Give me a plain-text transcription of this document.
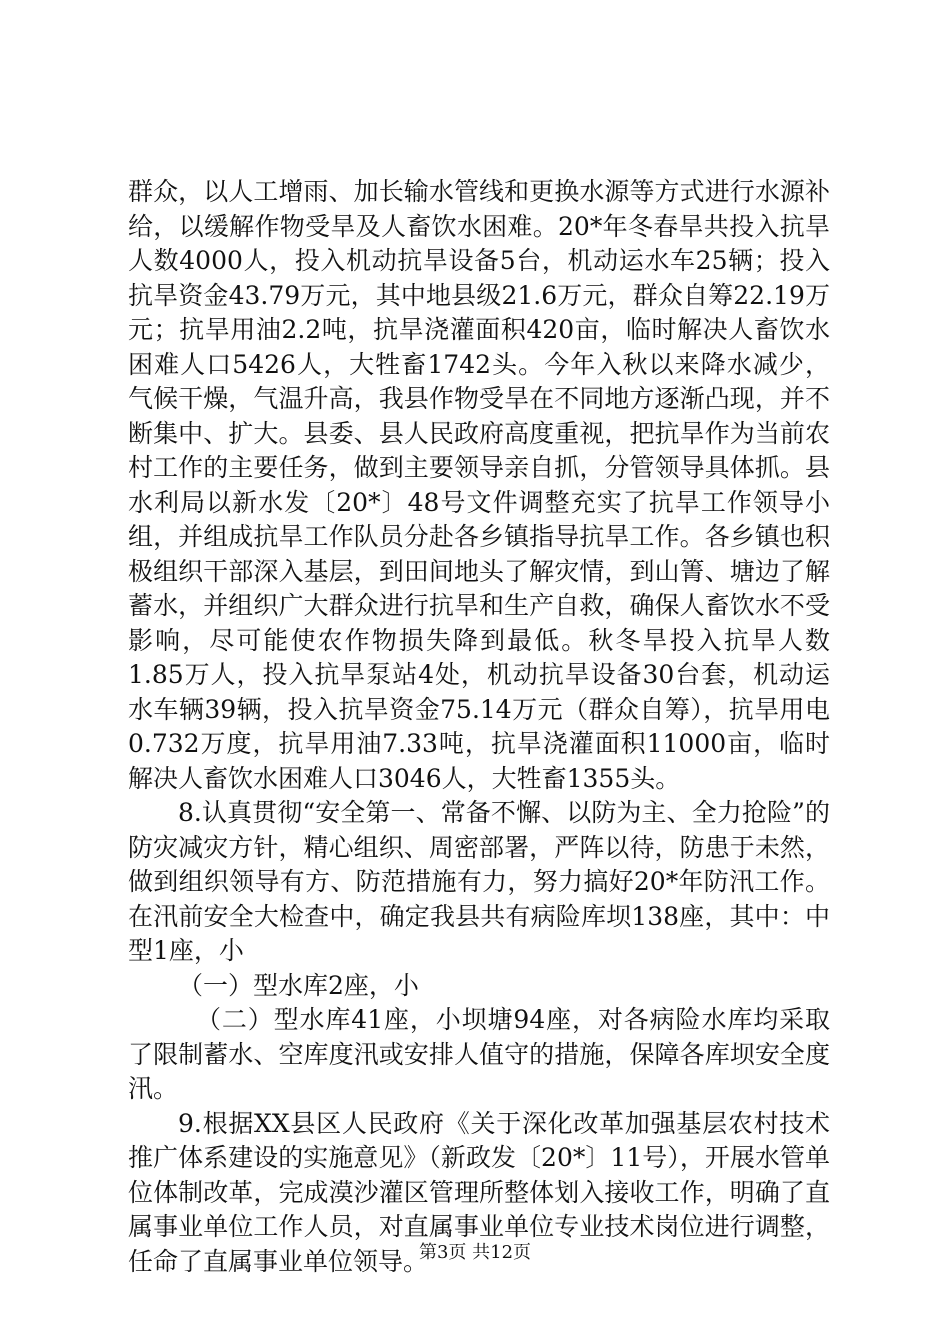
群众，以人工增雨、加长输水管线和更换水源等方式进行水源补给，以缓解作物受旱及人畜饮水困难。20*年冬春旱共投入抗旱人数4000人，投入机动抗旱设备5台，机动运水车25辆；投入抗旱资金43.79万元，其中地县级21.6万元，群众自筹22.19万元；抗旱用油2.2吨，抗旱浇灌面积420亩，临时解决人畜饮水困难人口5426人，大牲畜1742头。今年入秋以来降水减少，气候干燥，气温升高，我县作物受旱在不同地方逐渐凸现，并不断集中、扩大。县委、县人民政府高度重视，把抗旱作为当前农村工作的主要任务，做到主要领导亲自抓，分管领导具体抓。县水利局以新水发〔20*〕48号文件调整充实了抗旱工作领导小组，并组成抗旱工作队员分赴各乡镇指导抗旱工作。各乡镇也积极组织干部深入基层，到田间地头了解灾情，到山箐、塘边了解蓄水，并组织广大群众进行抗旱和生产自救，确保人畜饮水不受影响，尽可能使农作物损失降到最低。秋冬旱投入抗旱人数1.85万人，投入抗旱泵站4处，机动抗旱设备30台套，机动运水车辆39辆，投入抗旱资金75.14万元（群众自筹），抗旱用电0.732万度，抗旱用油7.33吨，抗旱浇灌面积11000亩，临时解决人畜饮水困难人口3046人，大牲畜1355头。

8.认真贯彻“安全第一、常备不懈、以防为主、全力抢险”的防灾减灾方针，精心组织、周密部署，严阵以待，防患于未然，做到组织领导有方、防范措施有力，努力搞好20*年防汛工作。在汛前安全大检查中，确定我县共有病险库坝138座，其中：中型1座，小

（一）型水库2座，小

（二）型水库41座，小坝塘94座，对各病险水库均采取了限制蓄水、空库度汛或安排人值守的措施，保障各库坝安全度汛。

9.根据XX县区人民政府《关于深化改革加强基层农村技术推广体系建设的实施意见》（新政发〔20*〕11号），开展水管单位体制改革，完成漠沙灌区管理所整体划入接收工作，明确了直属事业单位工作人员，对直属事业单位专业技术岗位进行调整，任命了直属事业单位领导。

第3页 共12页
